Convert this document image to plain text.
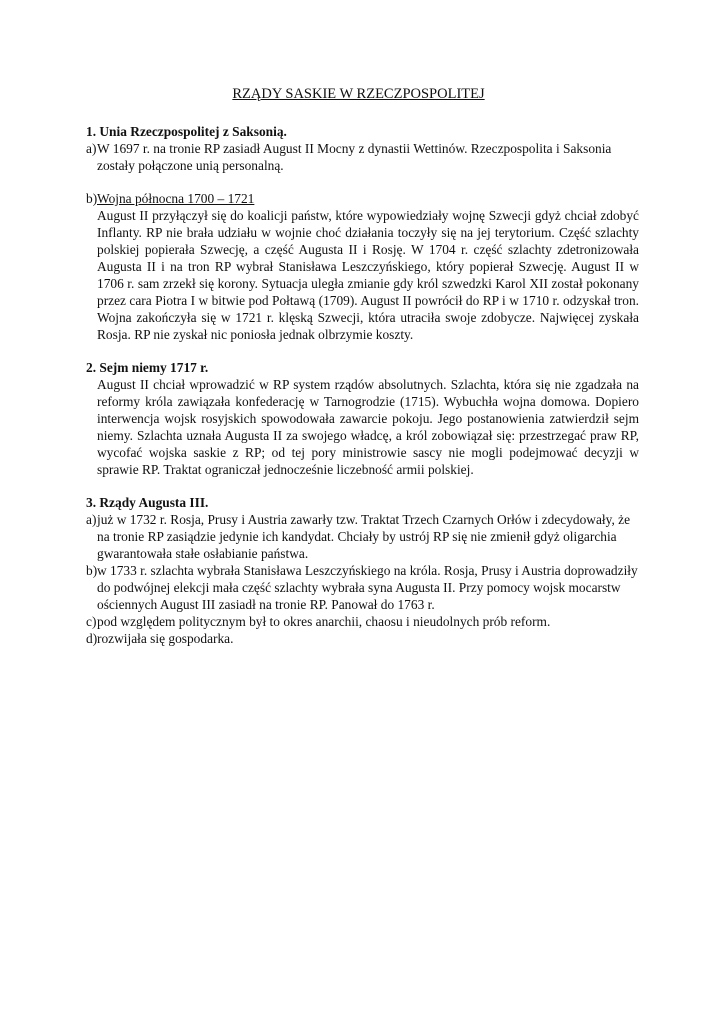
RZĄDY SASKIE W RZECZPOSPOLITEJ

1. Unia Rzeczpospolitej z Saksonią.

a) W 1697 r. na tronie RP zasiadł August II Mocny z dynastii Wettinów. Rzeczpospolita i Saksonia zostały połączone unią personalną.
b) Wojna północna 1700 – 1721

August II przyłączył się do koalicji państw, które wypowiedziały wojnę Szwecji gdyż chciał zdobyć Inflanty. RP nie brała udziału w wojnie choć działania toczyły się na jej terytorium. Część szlachty polskiej popierała Szwecję, a część Augusta II i Rosję. W 1704 r. część szlachty zdetronizowała Augusta II i na tron RP wybrał Stanisława Leszczyńskiego, który popierał Szwecję. August II w 1706 r. sam zrzekł się korony. Sytuacja uległa zmianie gdy król szwedzki Karol XII został pokonany przez cara Piotra I w bitwie pod Połtawą (1709). August II powrócił do RP i w 1710 r. odzyskał tron. Wojna zakończyła się w 1721 r. klęską Szwecji, która utraciła swoje zdobycze. Najwięcej zyskała Rosja. RP nie zyskał nic poniosła jednak olbrzymie koszty.

2. Sejm niemy 1717 r.

August II chciał wprowadzić w RP system rządów absolutnych. Szlachta, która się nie zgadzała na reformy króla zawiązała konfederację w Tarnogrodzie (1715). Wybuchła wojna domowa. Dopiero interwencja wojsk rosyjskich spowodowała zawarcie pokoju. Jego postanowienia zatwierdził sejm niemy. Szlachta uznała Augusta II za swojego władcę, a król zobowiązał się: przestrzegać praw RP, wycofać wojska saskie z RP; od tej pory ministrowie sascy nie mogli podejmować decyzji w sprawie RP. Traktat ograniczał jednocześnie liczebność armii polskiej.

3. Rządy Augusta III.

a) już w 1732 r. Rosja, Prusy i Austria zawarły tzw. Traktat Trzech Czarnych Orłów i zdecydowały, że na tronie RP zasiądzie jedynie ich kandydat. Chciały by ustrój RP się nie zmienił gdyż oligarchia gwarantowała stałe osłabianie państwa.
b) w 1733 r. szlachta wybrała Stanisława Leszczyńskiego na króla. Rosja, Prusy i Austria doprowadziły do podwójnej elekcji mała część szlachty wybrała syna Augusta II. Przy pomocy wojsk mocarstw ościennych August III zasiadł na tronie RP. Panował do 1763 r.
c) pod względem politycznym był to okres anarchii, chaosu i nieudolnych prób reform.
d) rozwijała się gospodarka.
